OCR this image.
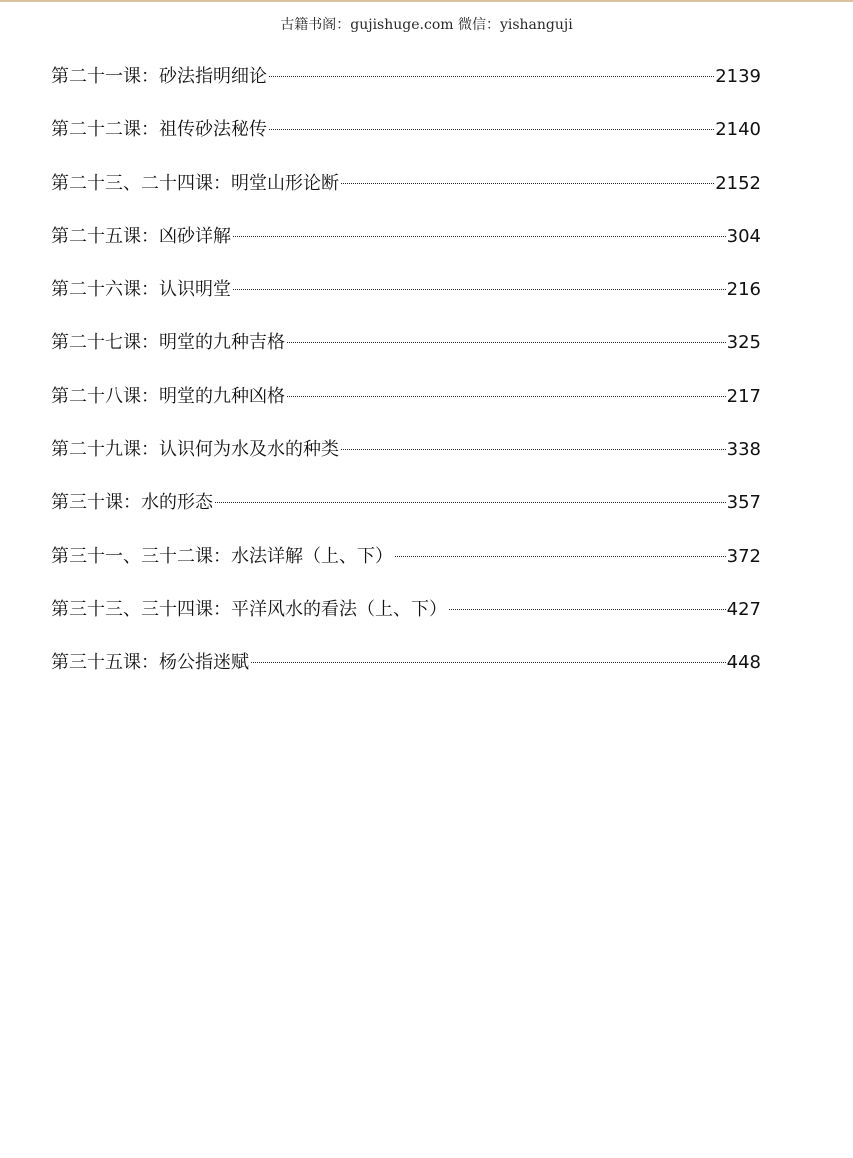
古籍书阁：gujishuge.com 微信：yishanguji
第二十一课：砂法指明细论	2139
第二十二课：祖传砂法秘传	2140
第二十三、二十四课：明堂山形论断	2152
第二十五课：凶砂详解	304
第二十六课：认识明堂	216
第二十七课：明堂的九种吉格	325
第二十八课：明堂的九种凶格	217
第二十九课：认识何为水及水的种类	338
第三十课：水的形态	357
第三十一、三十二课：水法详解（上、下）	372
第三十三、三十四课：平洋风水的看法（上、下）	427
第三十五课：杨公指迷赋	448
